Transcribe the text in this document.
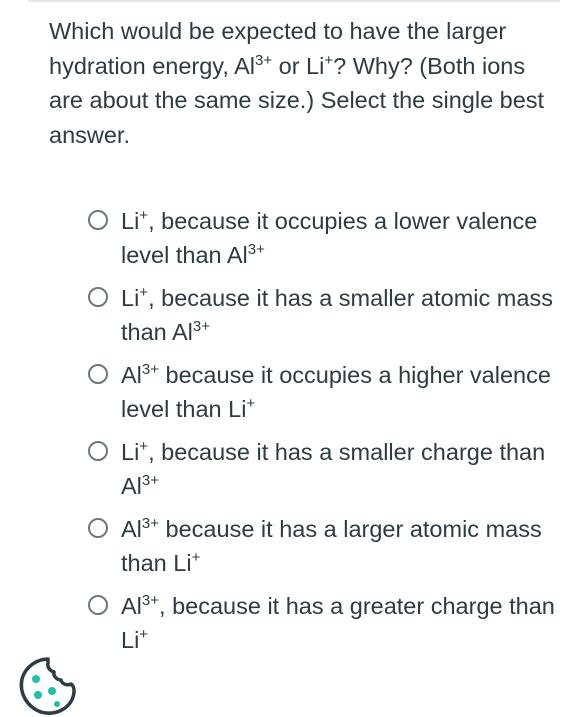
Which would be expected to have the larger hydration energy, $Al^{3+}$ or Li+? Why? (Both ions are about the same size.) Select the single best answer.
Li+, because it occupies a lower valence level than $Al^{3+}$
Li+, because it has a smaller atomic mass than $Al^{3+}$
$Al^{3+}$ because it occupies a higher valence level than Li+
Li+, because it has a smaller charge than $Al^{3+}$
$Al^{3+}$ because it has a larger atomic mass than Li+
$Al^{3+}$, because it has a greater charge than Li+
